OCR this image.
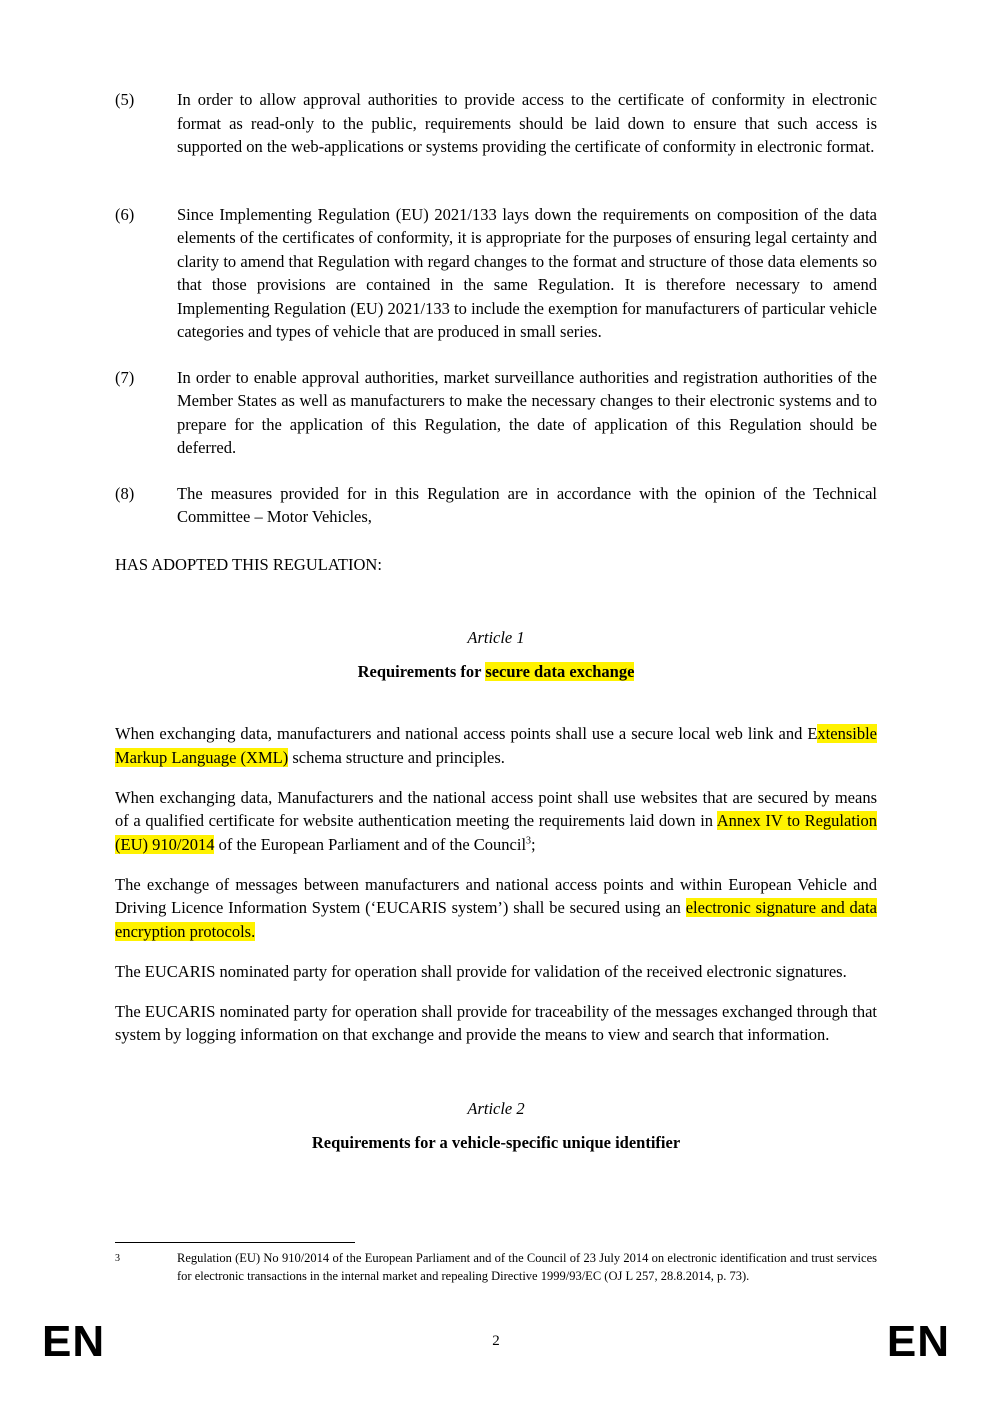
(5)	In order to allow approval authorities to provide access to the certificate of conformity in electronic format as read-only to the public, requirements should be laid down to ensure that such access is supported on the web-applications or systems providing the certificate of conformity in electronic format.
(6)	Since Implementing Regulation (EU) 2021/133 lays down the requirements on composition of the data elements of the certificates of conformity, it is appropriate for the purposes of ensuring legal certainty and clarity to amend that Regulation with regard changes to the format and structure of those data elements so that those provisions are contained in the same Regulation. It is therefore necessary to amend Implementing Regulation (EU) 2021/133 to include the exemption for manufacturers of particular vehicle categories and types of vehicle that are produced in small series.
(7)	In order to enable approval authorities, market surveillance authorities and registration authorities of the Member States as well as manufacturers to make the necessary changes to their electronic systems and to prepare for the application of this Regulation, the date of application of this Regulation should be deferred.
(8)	The measures provided for in this Regulation are in accordance with the opinion of the Technical Committee – Motor Vehicles,

HAS ADOPTED THIS REGULATION:

Article 1
Requirements for secure data exchange

When exchanging data, manufacturers and national access points shall use a secure local web link and Extensible Markup Language (XML) schema structure and principles.

When exchanging data, Manufacturers and the national access point shall use websites that are secured by means of a qualified certificate for website authentication meeting the requirements laid down in Annex IV to Regulation (EU) 910/2014 of the European Parliament and of the Council$^3$;

The exchange of messages between manufacturers and national access points and within European Vehicle and Driving Licence Information System (‘EUCARIS system’) shall be secured using an electronic signature and data encryption protocols.

The EUCARIS nominated party for operation shall provide for validation of the received electronic signatures.

The EUCARIS nominated party for operation shall provide for traceability of the messages exchanged through that system by logging information on that exchange and provide the means to view and search that information.

Article 2
Requirements for a vehicle-specific unique identifier
3	Regulation (EU) No 910/2014 of the European Parliament and of the Council of 23 July 2014 on electronic identification and trust services for electronic transactions in the internal market and repealing Directive 1999/93/EC (OJ L 257, 28.8.2014, p. 73).
EN	2	EN
